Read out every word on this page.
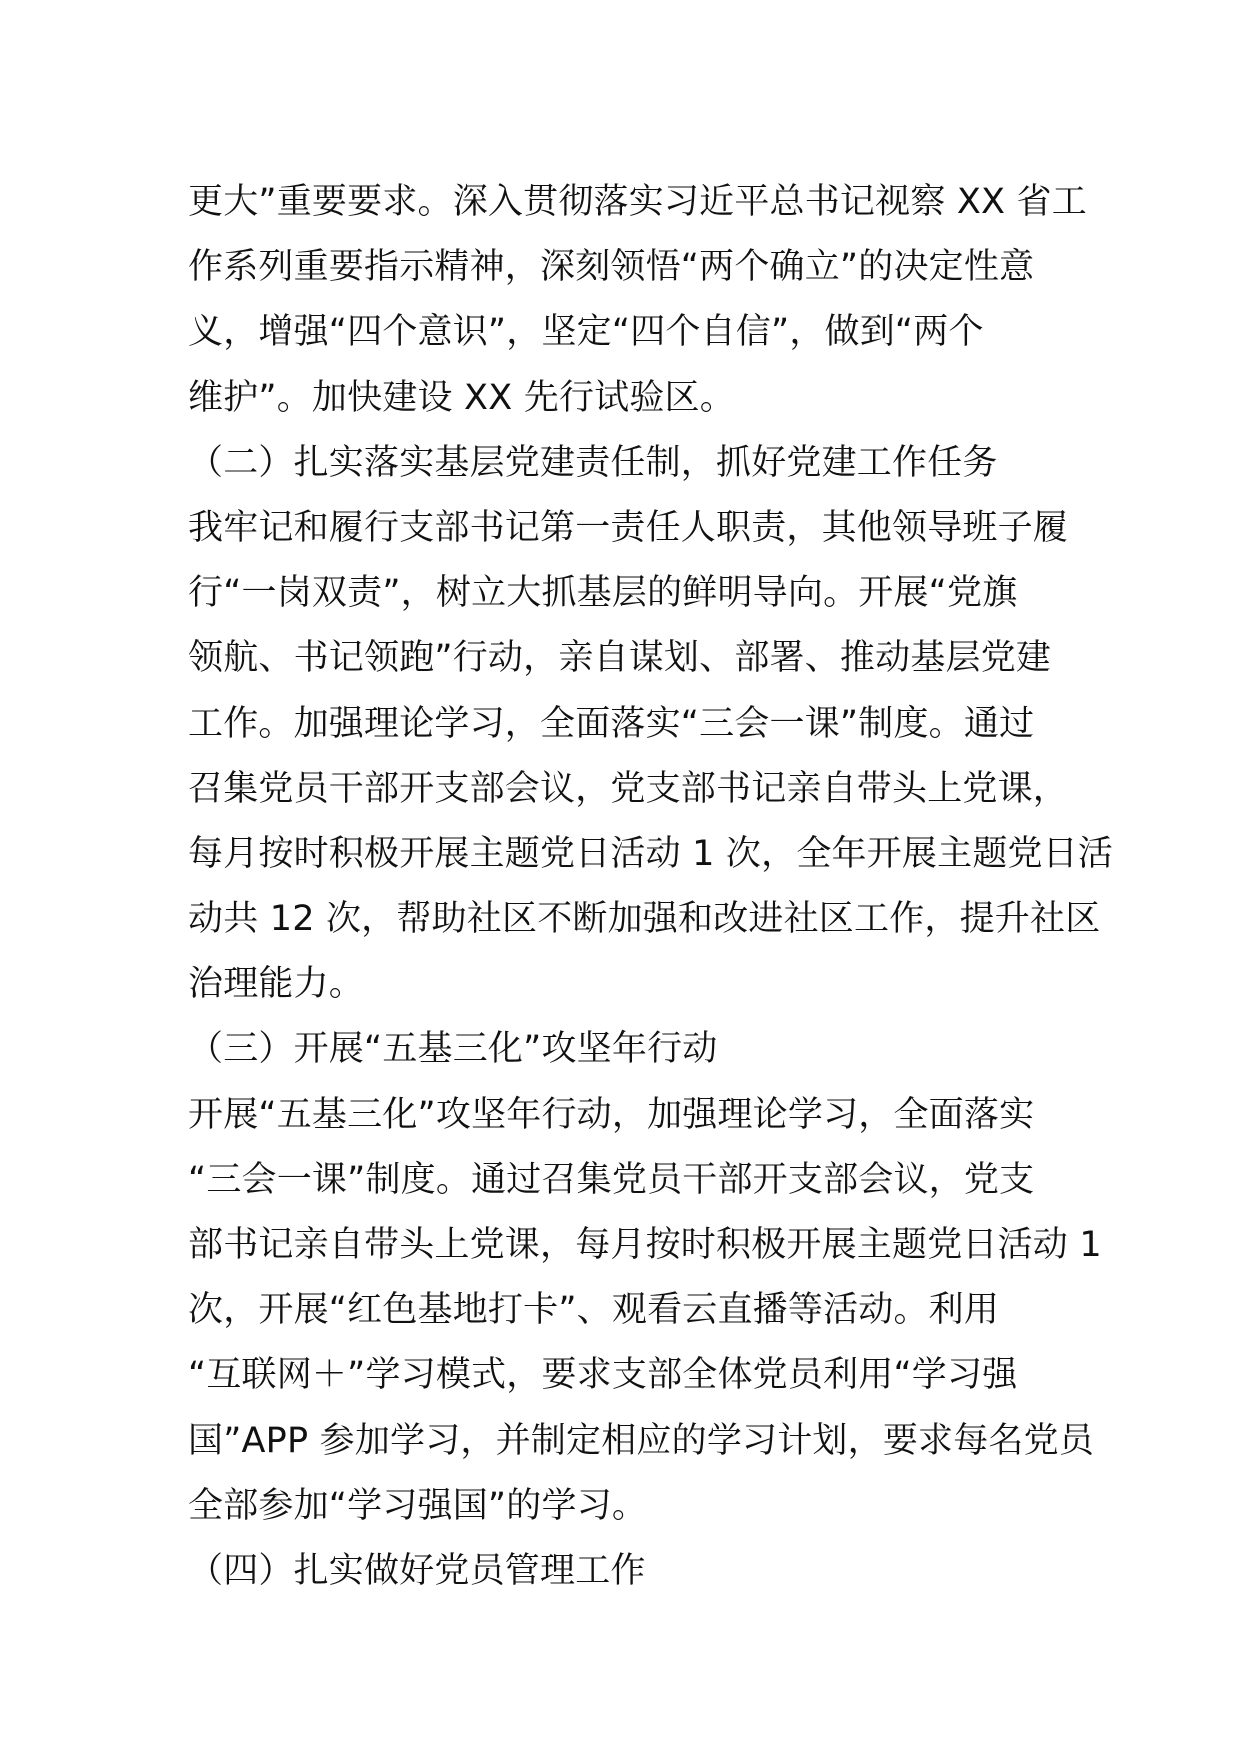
更大”重要要求。深入贯彻落实习近平总书记视察 XX 省工
作系列重要指示精神，深刻领悟“两个确立”的决定性意
义，增强“四个意识”，坚定“四个自信”，做到“两个
维护”。加快建设 XX 先行试验区。
（二）扎实落实基层党建责任制，抓好党建工作任务
我牢记和履行支部书记第一责任人职责，其他领导班子履
行“一岗双责”，树立大抓基层的鲜明导向。开展“党旗
领航、书记领跑”行动，亲自谋划、部署、推动基层党建
工作。加强理论学习，全面落实“三会一课”制度。通过
召集党员干部开支部会议，党支部书记亲自带头上党课，
每月按时积极开展主题党日活动 1 次，全年开展主题党日活
动共 12 次，帮助社区不断加强和改进社区工作，提升社区
治理能力。
（三）开展“五基三化”攻坚年行动
开展“五基三化”攻坚年行动，加强理论学习，全面落实
“三会一课”制度。通过召集党员干部开支部会议，党支
部书记亲自带头上党课，每月按时积极开展主题党日活动 1
次，开展“红色基地打卡”、观看云直播等活动。利用
“互联网＋”学习模式，要求支部全体党员利用“学习强
国”APP 参加学习，并制定相应的学习计划，要求每名党员
全部参加“学习强国”的学习。
（四）扎实做好党员管理工作
